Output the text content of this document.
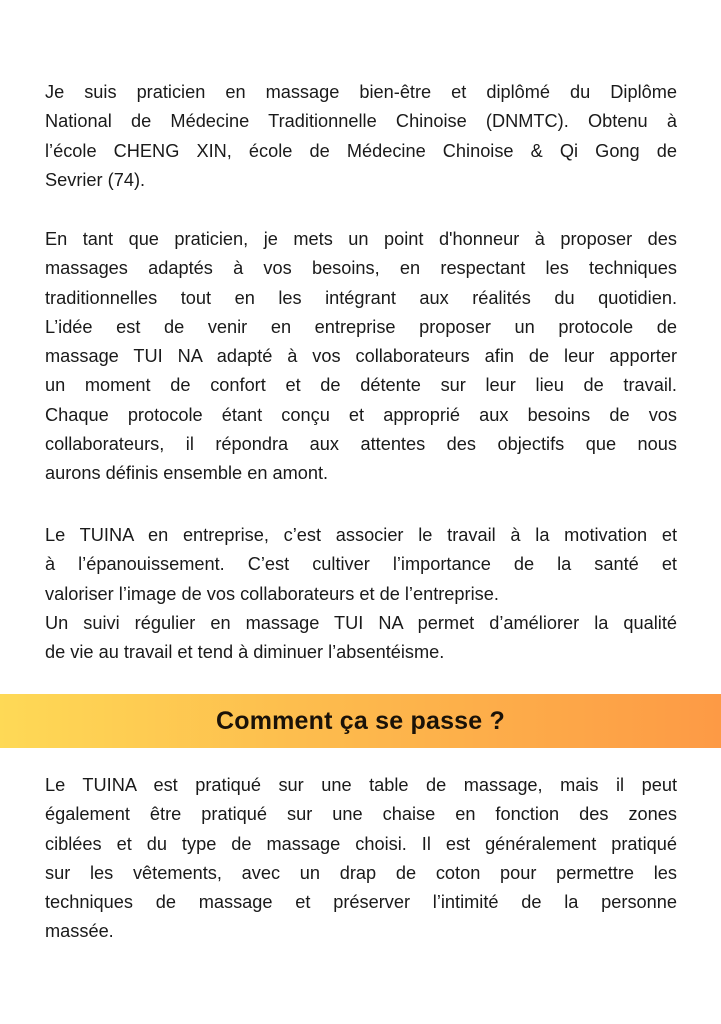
Je suis praticien en massage bien-être et diplômé du Diplôme
National de Médecine Traditionnelle Chinoise (DNMTC). Obtenu à
l’école CHENG XIN, école de Médecine Chinoise & Qi Gong de
Sevrier (74).
En tant que praticien, je mets un point d'honneur à proposer des
massages adaptés à vos besoins, en respectant les techniques
traditionnelles tout en les intégrant aux réalités du quotidien.
L’idée est de venir en entreprise proposer un protocole de
massage TUI NA adapté à vos collaborateurs afin de leur apporter
un moment de confort et de détente sur leur lieu de travail.
Chaque protocole étant conçu et approprié aux besoins de vos
collaborateurs, il répondra aux attentes des objectifs que nous
aurons définis ensemble en amont.
Le TUINA en entreprise, c’est associer le travail à la motivation et
à l’épanouissement. C’est cultiver l’importance de la santé et
valoriser l’image de vos collaborateurs et de l’entreprise.
Un suivi régulier en massage TUI NA permet d’améliorer la qualité
de vie au travail et tend à diminuer l’absentéisme.
Comment ça se passe ?
Le TUINA est pratiqué sur une table de massage, mais il peut
également être pratiqué sur une chaise en fonction des zones
ciblées et du type de massage choisi. Il est généralement pratiqué
sur les vêtements, avec un drap de coton pour permettre les
techniques de massage et préserver l’intimité de la personne
massée.
